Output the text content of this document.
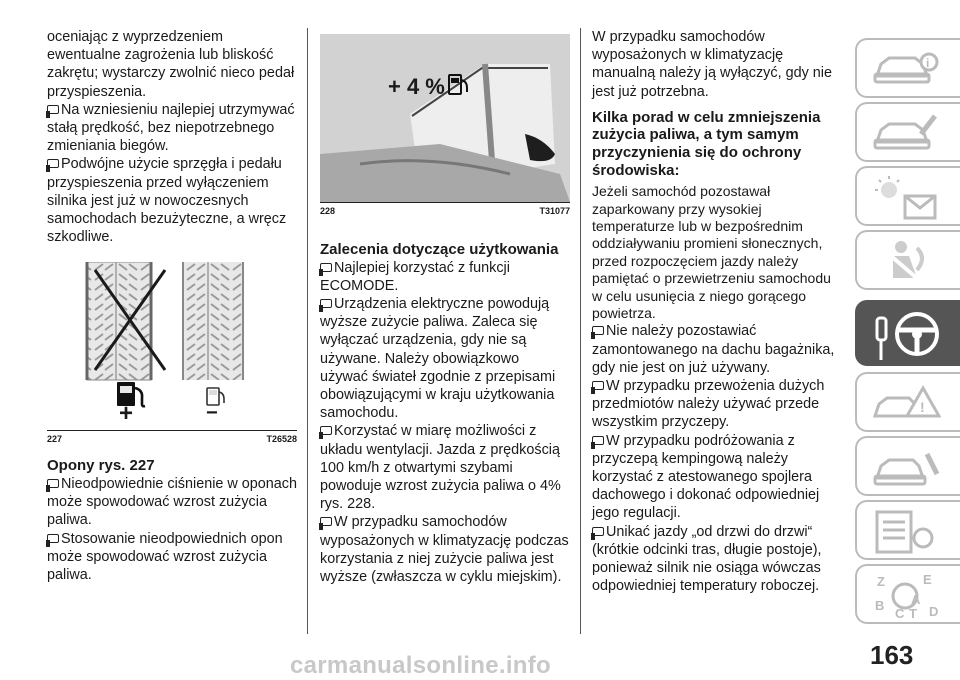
oceniając z wyprzedzeniem ewentualne zagrożenia lub bliskość zakrętu; wystarczy zwolnić nieco pedał przyspieszenia.

Na wzniesieniu najlepiej utrzymywać stałą prędkość, bez niepotrzebnego zmieniania biegów.

Podwójne użycie sprzęgła i pedału przyspieszenia przed wyłączeniem silnika jest już w nowoczesnych samochodach bezużyteczne, a wręcz szkodliwe.

+	−
227	T26528

Opony rys. 227

Nieodpowiednie ciśnienie w oponach może spowodować wzrost zużycia paliwa.

Stosowanie nieodpowiednich opon może spowodować wzrost zużycia paliwa.

+ 4 %
228	T31077

Zalecenia dotyczące użytkowania

Najlepiej korzystać z funkcji ECOMODE.

Urządzenia elektryczne powodują wyższe zużycie paliwa. Zaleca się wyłączać urządzenia, gdy nie są używane. Należy obowiązkowo używać świateł zgodnie z przepisami obowiązującymi w kraju użytkowania samochodu.

Korzystać w miarę możliwości z układu wentylacji. Jazda z prędkością 100 km/h z otwartymi szybami powoduje wzrost zużycia paliwa o 4% rys. 228.

W przypadku samochodów wyposażonych w klimatyzację podczas korzystania z niej zużycie paliwa jest wyższe (zwłaszcza w cyklu miejskim).

W przypadku samochodów wyposażonych w klimatyzację manualną należy ją wyłączyć, gdy nie jest już potrzebna.

Kilka porad w celu zmniejszenia zużycia paliwa, a tym samym przyczynienia się do ochrony środowiska:

Jeżeli samochód pozostawał zaparkowany przy wysokiej temperaturze lub w bezpośrednim oddziaływaniu promieni słonecznych, przed rozpoczęciem jazdy należy pamiętać o przewietrzeniu samochodu w celu usunięcia z niego gorącego powietrza.

Nie należy pozostawiać zamontowanego na dachu bagażnika, gdy nie jest on już używany.

W przypadku przewożenia dużych przedmiotów należy używać przede wszystkim przyczepy.

W przypadku podróżowania z przyczepą kempingową należy korzystać z atestowanego spojlera dachowego i dokonać odpowiedniej jego regulacji.

Unikać jazdy „od drzwi do drzwi“ (krótkie odcinki tras, długie postoje), ponieważ silnik nie osiąga wówczas odpowiedniej temperatury roboczej.

i
!
Z	E
B
C
A
T D
163
carmanualsonline.info
